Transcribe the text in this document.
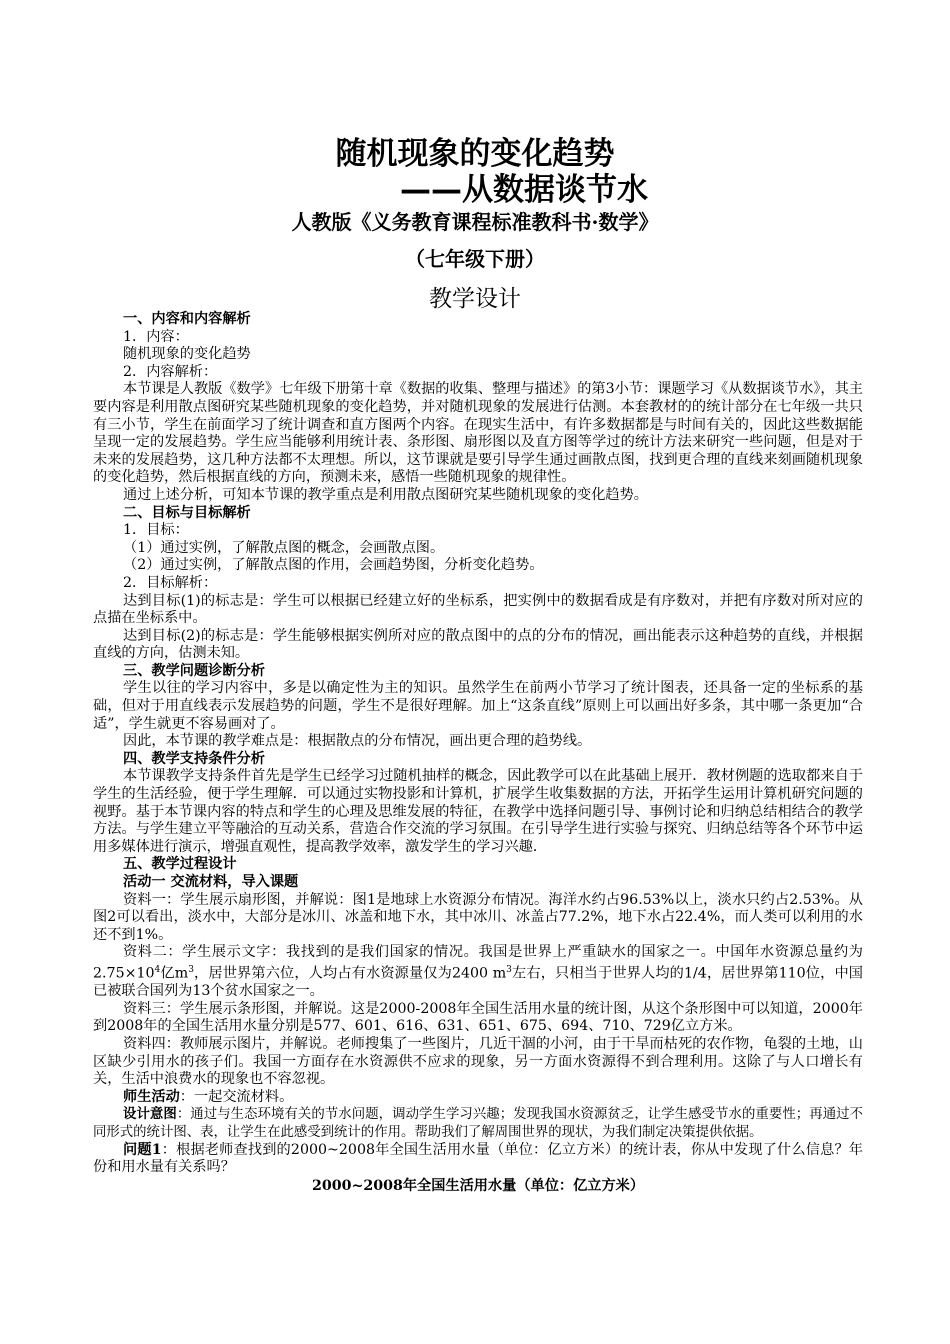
随机现象的变化趋势
——从数据谈节水
人教版《义务教育课程标准教科书·数学》
（七年级下册）
教学设计

一、内容和内容解析

1．内容：

随机现象的变化趋势

2．内容解析：

本节课是人教版《数学》七年级下册第十章《数据的收集、整理与描述》的第3小节：课题学习《从数据谈节水》，其主要内容是利用散点图研究某些随机现象的变化趋势，并对随机现象的发展进行估测。本套教材的的统计部分在七年级一共只有三小节，学生在前面学习了统计调查和直方图两个内容。在现实生活中，有许多数据都是与时间有关的，因此这些数据能呈现一定的发展趋势。学生应当能够利用统计表、条形图、扇形图以及直方图等学过的统计方法来研究一些问题，但是对于未来的发展趋势，这几种方法都不太理想。所以，这节课就是要引导学生通过画散点图，找到更合理的直线来刻画随机现象的变化趋势，然后根据直线的方向，预测未来，感悟一些随机现象的规律性。

通过上述分析，可知本节课的教学重点是利用散点图研究某些随机现象的变化趋势。

二、目标与目标解析

1．目标：

（1）通过实例，了解散点图的概念，会画散点图。

（2）通过实例，了解散点图的作用，会画趋势图，分析变化趋势。

2．目标解析：

达到目标(1)的标志是：学生可以根据已经建立好的坐标系，把实例中的数据看成是有序数对，并把有序数对所对应的点描在坐标系中。

达到目标(2)的标志是：学生能够根据实例所对应的散点图中的点的分布的情况，画出能表示这种趋势的直线，并根据直线的方向，估测未知。

三、教学问题诊断分析

学生以往的学习内容中，多是以确定性为主的知识。虽然学生在前两小节学习了统计图表，还具备一定的坐标系的基础，但对于用直线表示发展趋势的问题，学生不是很好理解。加上“这条直线”原则上可以画出好多条，其中哪一条更加“合适”，学生就更不容易画对了。

因此，本节课的教学难点是：根据散点的分布情况，画出更合理的趋势线。

四、教学支持条件分析

本节课教学支持条件首先是学生已经学习过随机抽样的概念，因此教学可以在此基础上展开．教材例题的选取都来自于学生的生活经验，便于学生理解．可以通过实物投影和计算机，扩展学生收集数据的方法，开拓学生运用计算机研究问题的视野。基于本节课内容的特点和学生的心理及思维发展的特征，在教学中选择问题引导、事例讨论和归纳总结相结合的教学方法。与学生建立平等融洽的互动关系，营造合作交流的学习氛围。在引导学生进行实验与探究、归纳总结等各个环节中运用多媒体进行演示，增强直观性，提高教学效率，激发学生的学习兴趣．

五、教学过程设计

活动一 交流材料，导入课题

资料一：学生展示扇形图，并解说：图1是地球上水资源分布情况。海洋水约占96.53%以上，淡水只约占2.53%。从图2可以看出，淡水中，大部分是冰川、冰盖和地下水，其中冰川、冰盖占77.2%，地下水占22.4%，而人类可以利用的水还不到1%。

资料二：学生展示文字：我找到的是我们国家的情况。我国是世界上严重缺水的国家之一。中国年水资源总量约为$2.75\times 10^4$亿$m^3$，居世界第六位，人均占有水资源量仅为2400 $m^3$左右，只相当于世界人均的1/4，居世界第110位，中国已被联合国列为13个贫水国家之一。

资料三：学生展示条形图，并解说。这是2000-2008年全国生活用水量的统计图，从这个条形图中可以知道，2000年到2008年的全国生活用水量分别是577、601、616、631、651、675、694、710、729亿立方米。

资料四：教师展示图片，并解说。老师搜集了一些图片，几近干涸的小河，由于干旱而枯死的农作物，龟裂的土地，山区缺少引用水的孩子们。我国一方面存在水资源供不应求的现象，另一方面水资源得不到合理利用。这除了与人口增长有关，生活中浪费水的现象也不容忽视。

师生活动：一起交流材料。

设计意图：通过与生态环境有关的节水问题，调动学生学习兴趣；发现我国水资源贫乏，让学生感受节水的重要性；再通过不同形式的统计图、表，让学生在此感受到统计的作用。帮助我们了解周围世界的现状，为我们制定决策提供依据。

问题1：根据老师查找到的2000~2008年全国生活用水量（单位：亿立方米）的统计表，你从中发现了什么信息？年份和用水量有关系吗？

2000~2008年全国生活用水量（单位：亿立方米）
